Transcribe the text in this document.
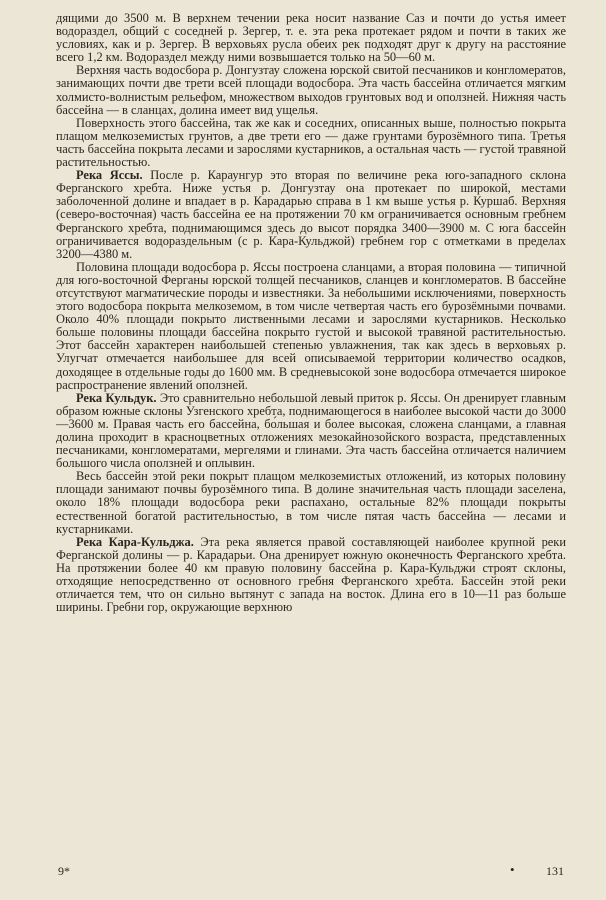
дящими до 3500 м. В верхнем течении река носит название Саз и почти до устья имеет водораздел, общий с соседней р. Зергер, т. е. эта река протекает рядом и почти в таких же условиях, как и р. Зергер. В верховьях русла обеих рек подходят друг к другу на расстояние всего 1,2 км. Водораздел между ними возвышается только на 50—60 м.

Верхняя часть водосбора р. Донгузтау сложена юрской свитой песчаников и конгломератов, занимающих почти две трети всей площади водосбора. Эта часть бассейна отличается мягким холмисто-волнистым рельефом, множеством выходов грунтовых вод и оползней. Нижняя часть бассейна — в сланцах, долина имеет вид ущелья.

Поверхность этого бассейна, так же как и соседних, описанных выше, полностью покрыта плащом мелкоземистых грунтов, а две трети его — даже грунтами бурозёмного типа. Третья часть бассейна покрыта лесами и зарослями кустарников, а остальная часть — густой травяной растительностью.

Река Яссы. После р. Караунгур это вторая по величине река юго-западного склона Ферганского хребта. Ниже устья р. Донгузтау она протекает по широкой, местами заболоченной долине и впадает в р. Карадарью справа в 1 км выше устья р. Куршаб. Верхняя (северо-восточная) часть бассейна ее на протяжении 70 км ограничивается основным гребнем Ферганского хребта, поднимающимся здесь до высот порядка 3400—3900 м. С юга бассейн ограничивается водораздельным (с р. Кара-Кульджой) гребнем гор с отметками в пределах 3200—4380 м.

Половина площади водосбора р. Яссы построена сланцами, а вторая половина — типичной для юго-восточной Ферганы юрской толщей песчаников, сланцев и конгломератов. В бассейне отсутствуют магматические породы и известняки. За небольшими исключениями, поверхность этого водосбора покрыта мелкоземом, в том числе четвертая часть его бурозёмными почвами. Около 40% площади покрыто лиственными лесами и зарослями кустарников. Несколько больше половины площади бассейна покрыто густой и высокой травяной растительностью. Этот бассейн характерен наибольшей степенью увлажнения, так как здесь в верховьях р. Улугчат отмечается наибольшее для всей описываемой территории количество осадков, доходящее в отдельные годы до 1600 мм. В средневысокой зоне водосбора отмечается широкое распространение явлений оползней.

Река Кульдук. Это сравнительно небольшой левый приток р. Яссы. Он дренирует главным образом южные склоны Узгенского хребта, поднимающегося в наиболее высокой части до 3000—3600 м. Правая часть его бассейна, бо́льшая и более высокая, сложена сланцами, а главная долина проходит в красноцветных отложениях мезокайнозойского возраста, представленных песчаниками, конгломератами, мергелями и глинами. Эта часть бассейна отличается наличием большого числа оползней и оплывин.

Весь бассейн этой реки покрыт плащом мелкоземистых отложений, из которых половину площади занимают почвы бурозёмного типа. В долине значительная часть площади заселена, около 18% площади водосбора реки распахано, остальные 82% площади покрыты естественной богатой растительностью, в том числе пятая часть бассейна — лесами и кустарниками.

Река Кара-Кульджа. Эта река является правой составляющей наиболее крупной реки Ферганской долины — р. Карадарьи. Она дренирует южную оконечность Ферганского хребта. На протяжении более 40 км правую половину бассейна р. Кара-Кульджи строят склоны, отходящие непосредственно от основного гребня Ферганского хребта. Бассейн этой реки отличается тем, что он сильно вытянут с запада на восток. Длина его в 10—11 раз больше ширины. Гребни гор, окружающие верхнюю

9*	•	131
